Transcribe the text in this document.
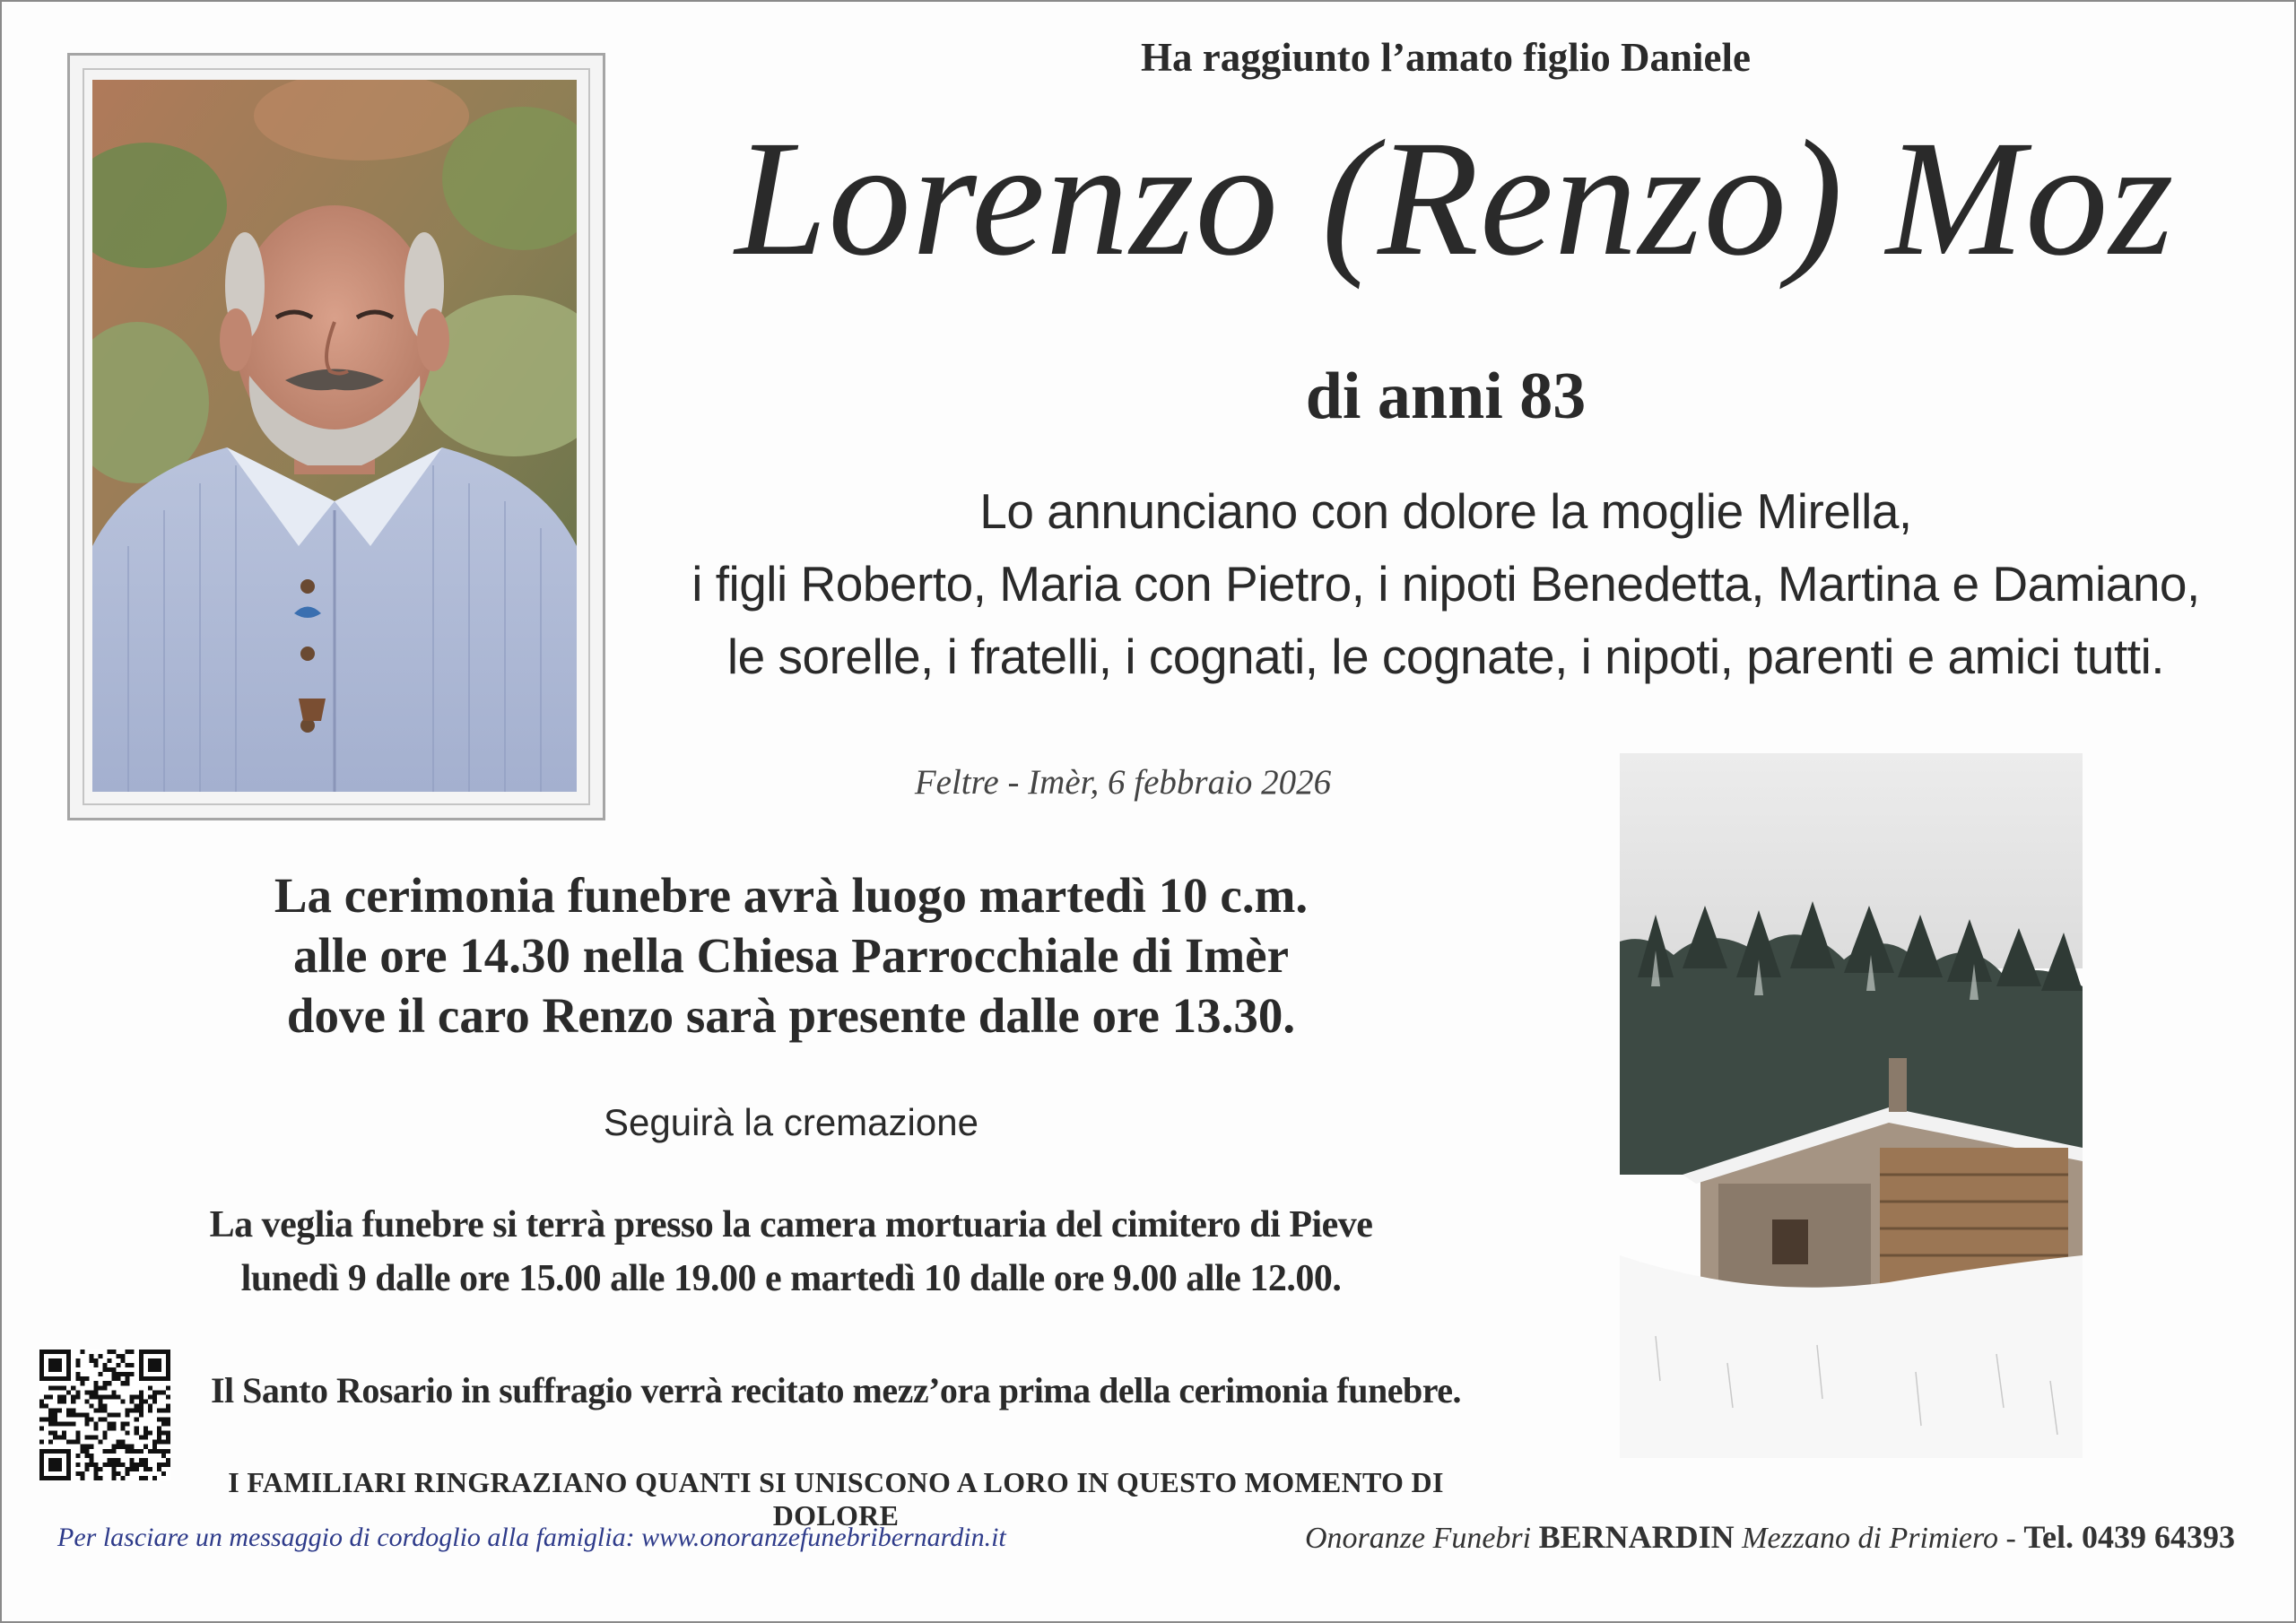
Ha raggiunto l’amato figlio Daniele
Lorenzo (Renzo) Moz
di anni 83
Lo annunciano con dolore la moglie Mirella,
i figli Roberto, Maria con Pietro, i nipoti Benedetta, Martina e Damiano,
le sorelle, i fratelli, i cognati, le cognate, i nipoti, parenti e amici tutti.
Feltre - Imèr, 6 febbraio 2026
La cerimonia funebre avrà luogo martedì 10 c.m.
alle ore 14.30 nella Chiesa Parrocchiale di Imèr
dove il caro Renzo sarà presente dalle ore 13.30.
Seguirà la cremazione
La veglia funebre si terrà presso la camera mortuaria del cimitero di Pieve
lunedì 9 dalle ore 15.00 alle 19.00 e martedì 10 dalle ore 9.00 alle 12.00.
Il Santo Rosario in suffragio verrà recitato mezz’ora prima della cerimonia funebre.
I FAMILIARI RINGRAZIANO QUANTI SI UNISCONO A LORO IN QUESTO MOMENTO DI DOLORE
Per lasciare un messaggio di cordoglio alla famiglia: www.onoranzefunebribernardin.it	Onoranze Funebri BERNARDIN Mezzano di Primiero - Tel. 0439 64393
